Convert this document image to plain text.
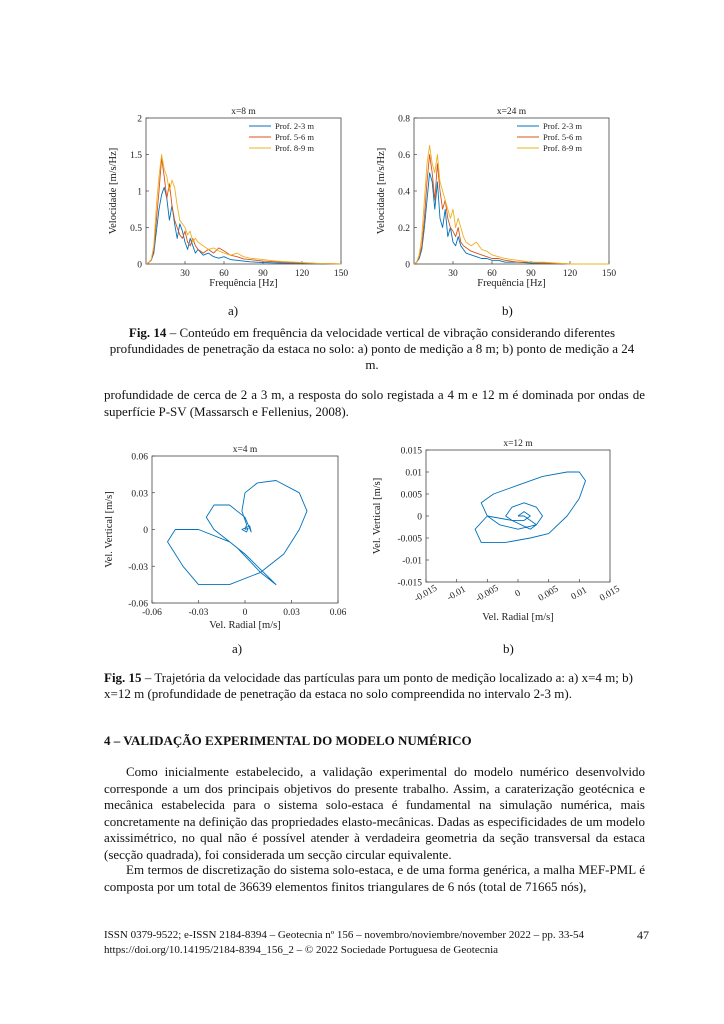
30	60	90	120	150
0
0.5
1
1.5
2
x=8 m
Frequência [Hz]
Velocidade [m/s/Hz]
Prof. 2-3 m
Prof. 5-6 m
Prof. 8-9 m
30	60	90	120	150
0
0.2
0.4
0.6
0.8
x=24 m
Frequência [Hz]
Velocidade [m/s/Hz]
Prof. 2-3 m
Prof. 5-6 m
Prof. 8-9 m
a)	b)
Fig. 14 – Conteúdo em frequência da velocidade vertical de vibração considerando diferentes profundidades de penetração da estaca no solo: a) ponto de medição a 8 m; b) ponto de medição a 24 m.
profundidade de cerca de 2 a 3 m, a resposta do solo registada a 4 m e 12 m é dominada por ondas de superfície P-SV (Massarsch e Fellenius, 2008).
-0.06	-0.03	0	0.03	0.06
0.06
0.03
0
-0.03
-0.06
x=4 m
Vel. Radial [m/s]
Vel. Vertical [m/s]
-0.015 -0.01 -0.005 0 0.005 0.01 0.015
0.015
0.01
0.005
0
-0.005
-0.01
-0.015
x=12 m
Vel. Radial [m/s]
Vel. Vertical [m/s]
a)	b)
Fig. 15 – Trajetória da velocidade das partículas para um ponto de medição localizado a: a) x=4 m; b) x=12 m (profundidade de penetração da estaca no solo compreendida no intervalo 2-3 m).
4 – VALIDAÇÃO EXPERIMENTAL DO MODELO NUMÉRICO
Como inicialmente estabelecido, a validação experimental do modelo numérico desenvolvido corresponde a um dos principais objetivos do presente trabalho. Assim, a caraterização geotécnica e mecânica estabelecida para o sistema solo-estaca é fundamental na simulação numérica, mais concretamente na definição das propriedades elasto-mecânicas. Dadas as especificidades de um modelo axissimétrico, no qual não é possível atender à verdadeira geometria da seção transversal da estaca (secção quadrada), foi considerada um secção circular equivalente.
Em termos de discretização do sistema solo-estaca, e de uma forma genérica, a malha MEF-PML é composta por um total de 36639 elementos finitos triangulares de 6 nós (total de 71665 nós),
ISSN 0379-9522; e-ISSN 2184-8394 – Geotecnia nº 156 – novembro/noviembre/november 2022 – pp. 33-54
https://doi.org/10.14195/2184-8394_156_2 – © 2022 Sociedade Portuguesa de Geotecnia
47
